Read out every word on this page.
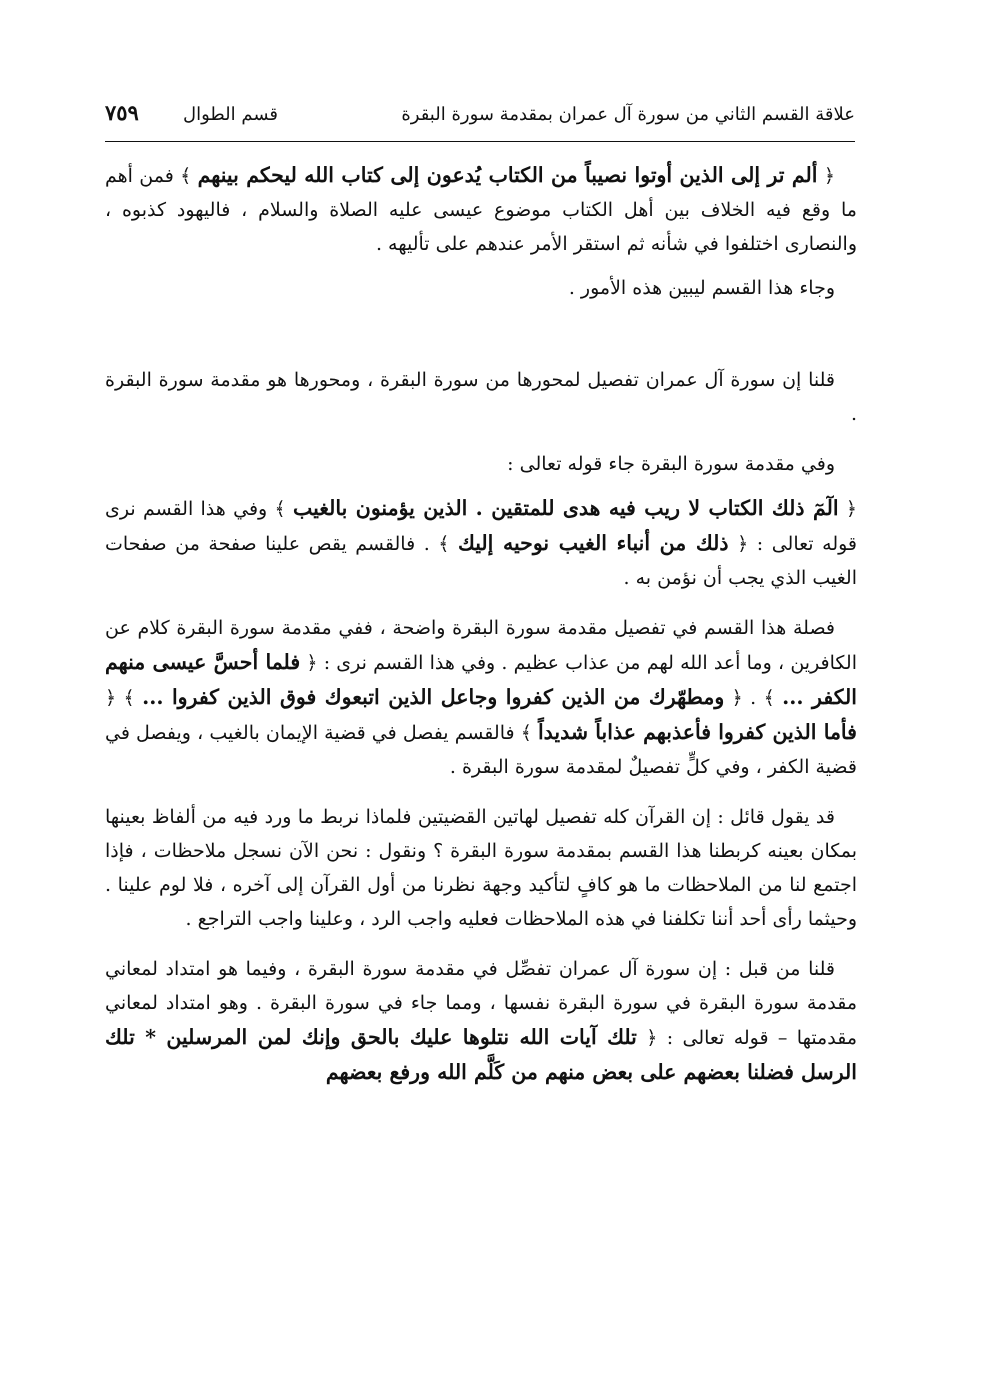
علاقة القسم الثاني من سورة آل عمران بمقدمة سورة البقرة
قسم الطوال
٧٥٩

﴿ ألم تر إلى الذين أوتوا نصيباً من الكتاب يُدعون إلى كتاب الله ليحكم بينهم ﴾ فمن أهم ما وقع فيه الخلاف بين أهل الكتاب موضوع عيسى عليه الصلاة والسلام ، فاليهود كذبوه ، والنصارى اختلفوا في شأنه ثم استقر الأمر عندهم على تأليهه .

وجاء هذا القسم ليبين هذه الأمور .

قلنا إن سورة آل عمران تفصيل لمحورها من سورة البقرة ، ومحورها هو مقدمة سورة البقرة .

وفي مقدمة سورة البقرة جاء قوله تعالى :

﴿ الٓمٓ ذلك الكتاب لا ريب فيه هدى للمتقين . الذين يؤمنون بالغيب ﴾ وفي هذا القسم نرى قوله تعالى : ﴿ ذلك من أنباء الغيب نوحيه إليك ﴾ . فالقسم يقص علينا صفحة من صفحات الغيب الذي يجب أن نؤمن به .

فصلة هذا القسم في تفصيل مقدمة سورة البقرة واضحة ، ففي مقدمة سورة البقرة كلام عن الكافرين ، وما أعد الله لهم من عذاب عظيم . وفي هذا القسم نرى : ﴿ فلما أحسَّ عيسى منهم الكفر ... ﴾ . ﴿ ومطهّرك من الذين كفروا وجاعل الذين اتبعوك فوق الذين كفروا ... ﴾ ﴿ فأما الذين كفروا فأعذبهم عذاباً شديداً ﴾ فالقسم يفصل في قضية الإيمان بالغيب ، ويفصل في قضية الكفر ، وفي كلٍّ تفصيلٌ لمقدمة سورة البقرة .

قد يقول قائل : إن القرآن كله تفصيل لهاتين القضيتين فلماذا نربط ما ورد فيه من ألفاظ بعينها بمكان بعينه كربطنا هذا القسم بمقدمة سورة البقرة ؟ ونقول : نحن الآن نسجل ملاحظات ، فإذا اجتمع لنا من الملاحظات ما هو كافٍ لتأكيد وجهة نظرنا من أول القرآن إلى آخره ، فلا لوم علينا . وحيثما رأى أحد أننا تكلفنا في هذه الملاحظات فعليه واجب الرد ، وعلينا واجب التراجع .

قلنا من قبل : إن سورة آل عمران تفصِّل في مقدمة سورة البقرة ، وفيما هو امتداد لمعاني مقدمة سورة البقرة في سورة البقرة نفسها ، ومما جاء في سورة البقرة . وهو امتداد لمعاني مقدمتها – قوله تعالى : ﴿ تلك آيات الله نتلوها عليك بالحق وإنك لمن المرسلين * تلك الرسل فضلنا بعضهم على بعض منهم من كَلَّم الله ورفع بعضهم
